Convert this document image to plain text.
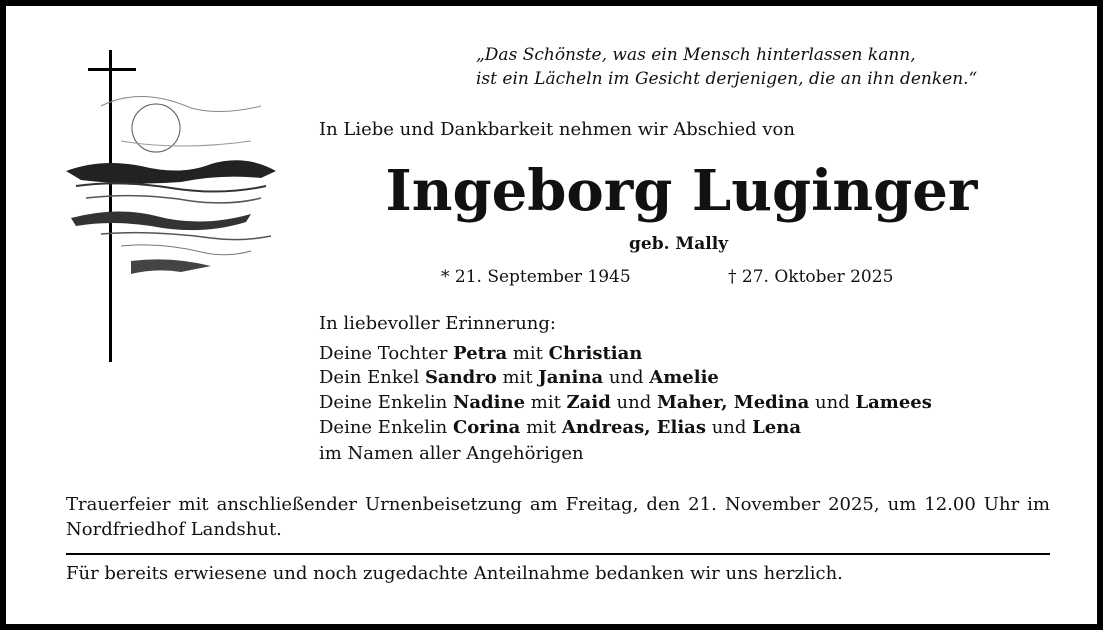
„Das Schönste, was ein Mensch hinterlassen kann,
ist ein Lächeln im Gesicht derjenigen, die an ihn denken.“
In Liebe und Dankbarkeit nehmen wir Abschied von
Ingeborg Luginger
geb. Mally
* 21. September 1945	† 27. Oktober 2025
In liebevoller Erinnerung:
Deine Tochter Petra mit Christian
Dein Enkel Sandro mit Janina und Amelie
Deine Enkelin Nadine mit Zaid und Maher, Medina und Lamees
Deine Enkelin Corina mit Andreas, Elias und Lena
im Namen aller Angehörigen
Trauerfeier mit anschließender Urnenbeisetzung am Freitag, den 21. November 2025, um 12.00 Uhr im Nordfriedhof Landshut.
Für bereits erwiesene und noch zugedachte Anteilnahme bedanken wir uns herzlich.
